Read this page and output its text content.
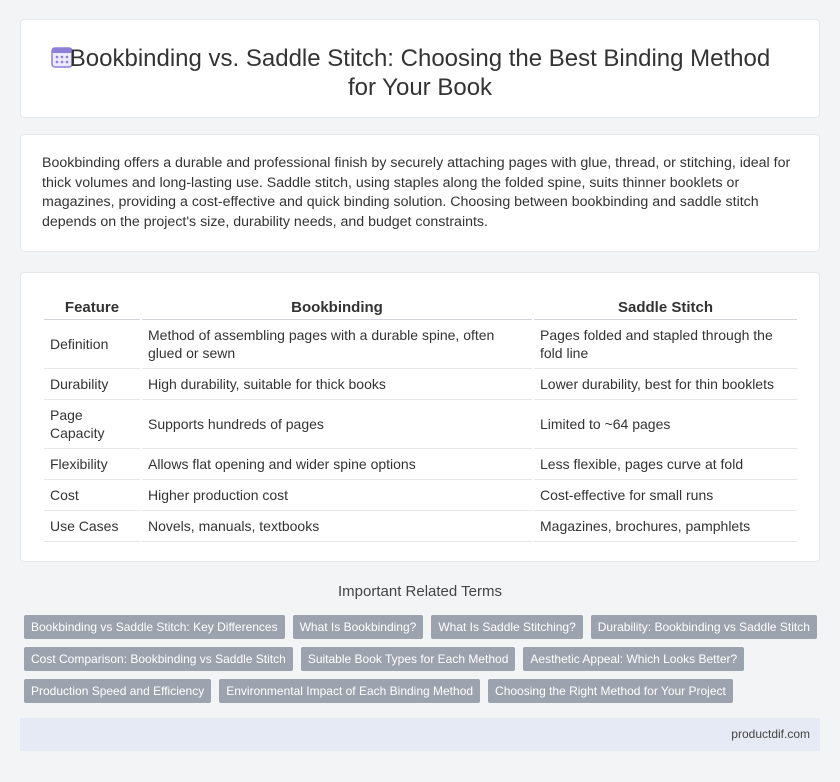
Bookbinding vs. Saddle Stitch: Choosing the Best Binding Method
for Your Book

Bookbinding offers a durable and professional finish by securely attaching pages with glue, thread, or stitching, ideal for thick volumes and long-lasting use. Saddle stitch, using staples along the folded spine, suits thinner booklets or magazines, providing a cost-effective and quick binding solution. Choosing between bookbinding and saddle stitch depends on the project's size, durability needs, and budget constraints.

Feature	Bookbinding	Saddle Stitch
Definition	Method of assembling pages with a durable spine, often glued or sewn	Pages folded and stapled through the fold line
Durability	High durability, suitable for thick books	Lower durability, best for thin booklets
Page Capacity	Supports hundreds of pages	Limited to ~64 pages
Flexibility	Allows flat opening and wider spine options	Less flexible, pages curve at fold
Cost	Higher production cost	Cost-effective for small runs
Use Cases	Novels, manuals, textbooks	Magazines, brochures, pamphlets
Important Related Terms
Bookbinding vs Saddle Stitch: Key Differences	What Is Bookbinding?	What Is Saddle Stitching?	Durability: Bookbinding vs Saddle Stitch
Cost Comparison: Bookbinding vs Saddle Stitch	Suitable Book Types for Each Method	Aesthetic Appeal: Which Looks Better?
Production Speed and Efficiency	Environmental Impact of Each Binding Method	Choosing the Right Method for Your Project
productdif.com
